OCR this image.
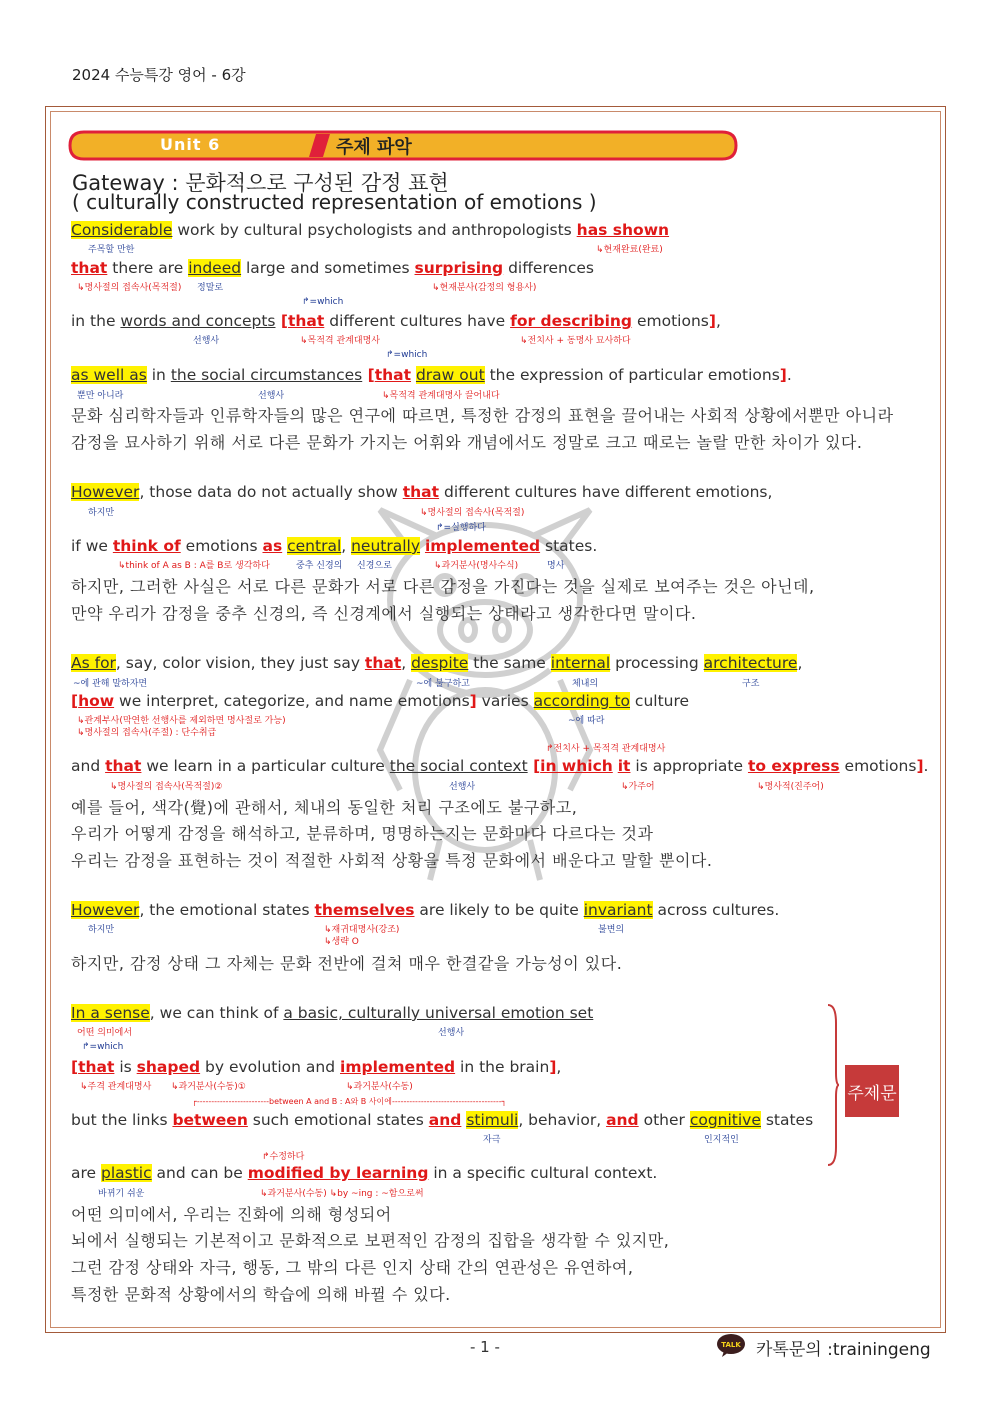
2024 수능특강 영어 - 6강
Unit 6	주제 파악
Gateway : 문화적으로 구성된 감정 표현
( culturally constructed representation of emotions )
Considerable work by cultural psychologists and anthropologists has shown
주목할 만한	↳현재완료(완료)
that there are indeed large and sometimes surprising differences
↳명사절의 접속사(목적절) 정말로	↳현재분사(감정의 형용사)
↱=which
in the words and concepts [that different cultures have for describing emotions],
선행사	↳목적격 관계대명사	↳전치사 + 동명사 묘사하다
↱=which
as well as in the social circumstances [that draw out the expression of particular emotions].
뿐만 아니라	선행사	↳목적격 관계대명사 끌어내다
문화 심리학자들과 인류학자들의 많은 연구에 따르면, 특정한 감정의 표현을 끌어내는 사회적 상황에서뿐만 아니라
감정을 묘사하기 위해 서로 다른 문화가 가지는 어휘와 개념에서도 정말로 크고 때로는 놀랄 만한 차이가 있다.
However, those data do not actually show that different cultures have different emotions,
하지만	↳명사절의 접속사(목적절)
↱=실행하다
if we think of emotions as central, neutrally implemented states.
↳think of A as B : A를 B로 생각하다	중추 신경의 신경으로	↳과거분사(명사수식)	명사
하지만, 그러한 사실은 서로 다른 문화가 서로 다른 감정을 가진다는 것을 실제로 보여주는 것은 아닌데,
만약 우리가 감정을 중추 신경의, 즉 신경계에서 실행되는 상태라고 생각한다면 말이다.
As for, say, color vision, they just say that, despite the same internal processing architecture,
~에 관해 말하자면	~에 불구하고	체내의	구조
[how we interpret, categorize, and name emotions] varies according to culture
↳관계부사(막연한 선행사를 제외하면 명사절로 가능)
↳명사절의 접속사(주절) : 단수취급
~에 따라
↱전치사 + 목적격 관계대명사
and that we learn in a particular culture the social context [in which it is appropriate to express emotions].
↳명사절의 접속사(목적절)②	선행사	↳가주어	↳명사적(진주어)
예를 들어, 색각(覺)에 관해서, 체내의 동일한 처리 구조에도 불구하고,
우리가 어떻게 감정을 해석하고, 분류하며, 명명하는지는 문화마다 다르다는 것과
우리는 감정을 표현하는 것이 적절한 사회적 상황을 특정 문화에서 배운다고 말할 뿐이다.
However, the emotional states themselves are likely to be quite invariant across cultures.
하지만	↳재귀대명사(강조)
↳생략 O
불변의
하지만, 감정 상태 그 자체는 문화 전반에 걸쳐 매우 한결같을 가능성이 있다.
In a sense, we can think of a basic, culturally universal emotion set
어떤 의미에서	선행사
↱=which
[that is shaped by evolution and implemented in the brain],
↳주격 관계대명사 ↳과거분사(수동)①	↳과거분사(수동)
┌-------------------------between A and B : A와 B 사이에--------------------------------------┐
but the links between such emotional states and stimuli, behavior, and other cognitive states
자극	인지적인
↱수정하다
are plastic and can be modified by learning in a specific cultural context.
바뀌기 쉬운	↳과거분사(수동) ↳by ~ing : ~함으로써
어떤 의미에서, 우리는 진화에 의해 형성되어
뇌에서 실행되는 기본적이고 문화적으로 보편적인 감정의 집합을 생각할 수 있지만,
그런 감정 상태와 자극, 행동, 그 밖의 다른 인지 상태 간의 연관성은 유연하여,
특정한 문화적 상황에서의 학습에 의해 바뀔 수 있다.
주제문
- 1 -	TALK 카톡문의 :trainingeng
